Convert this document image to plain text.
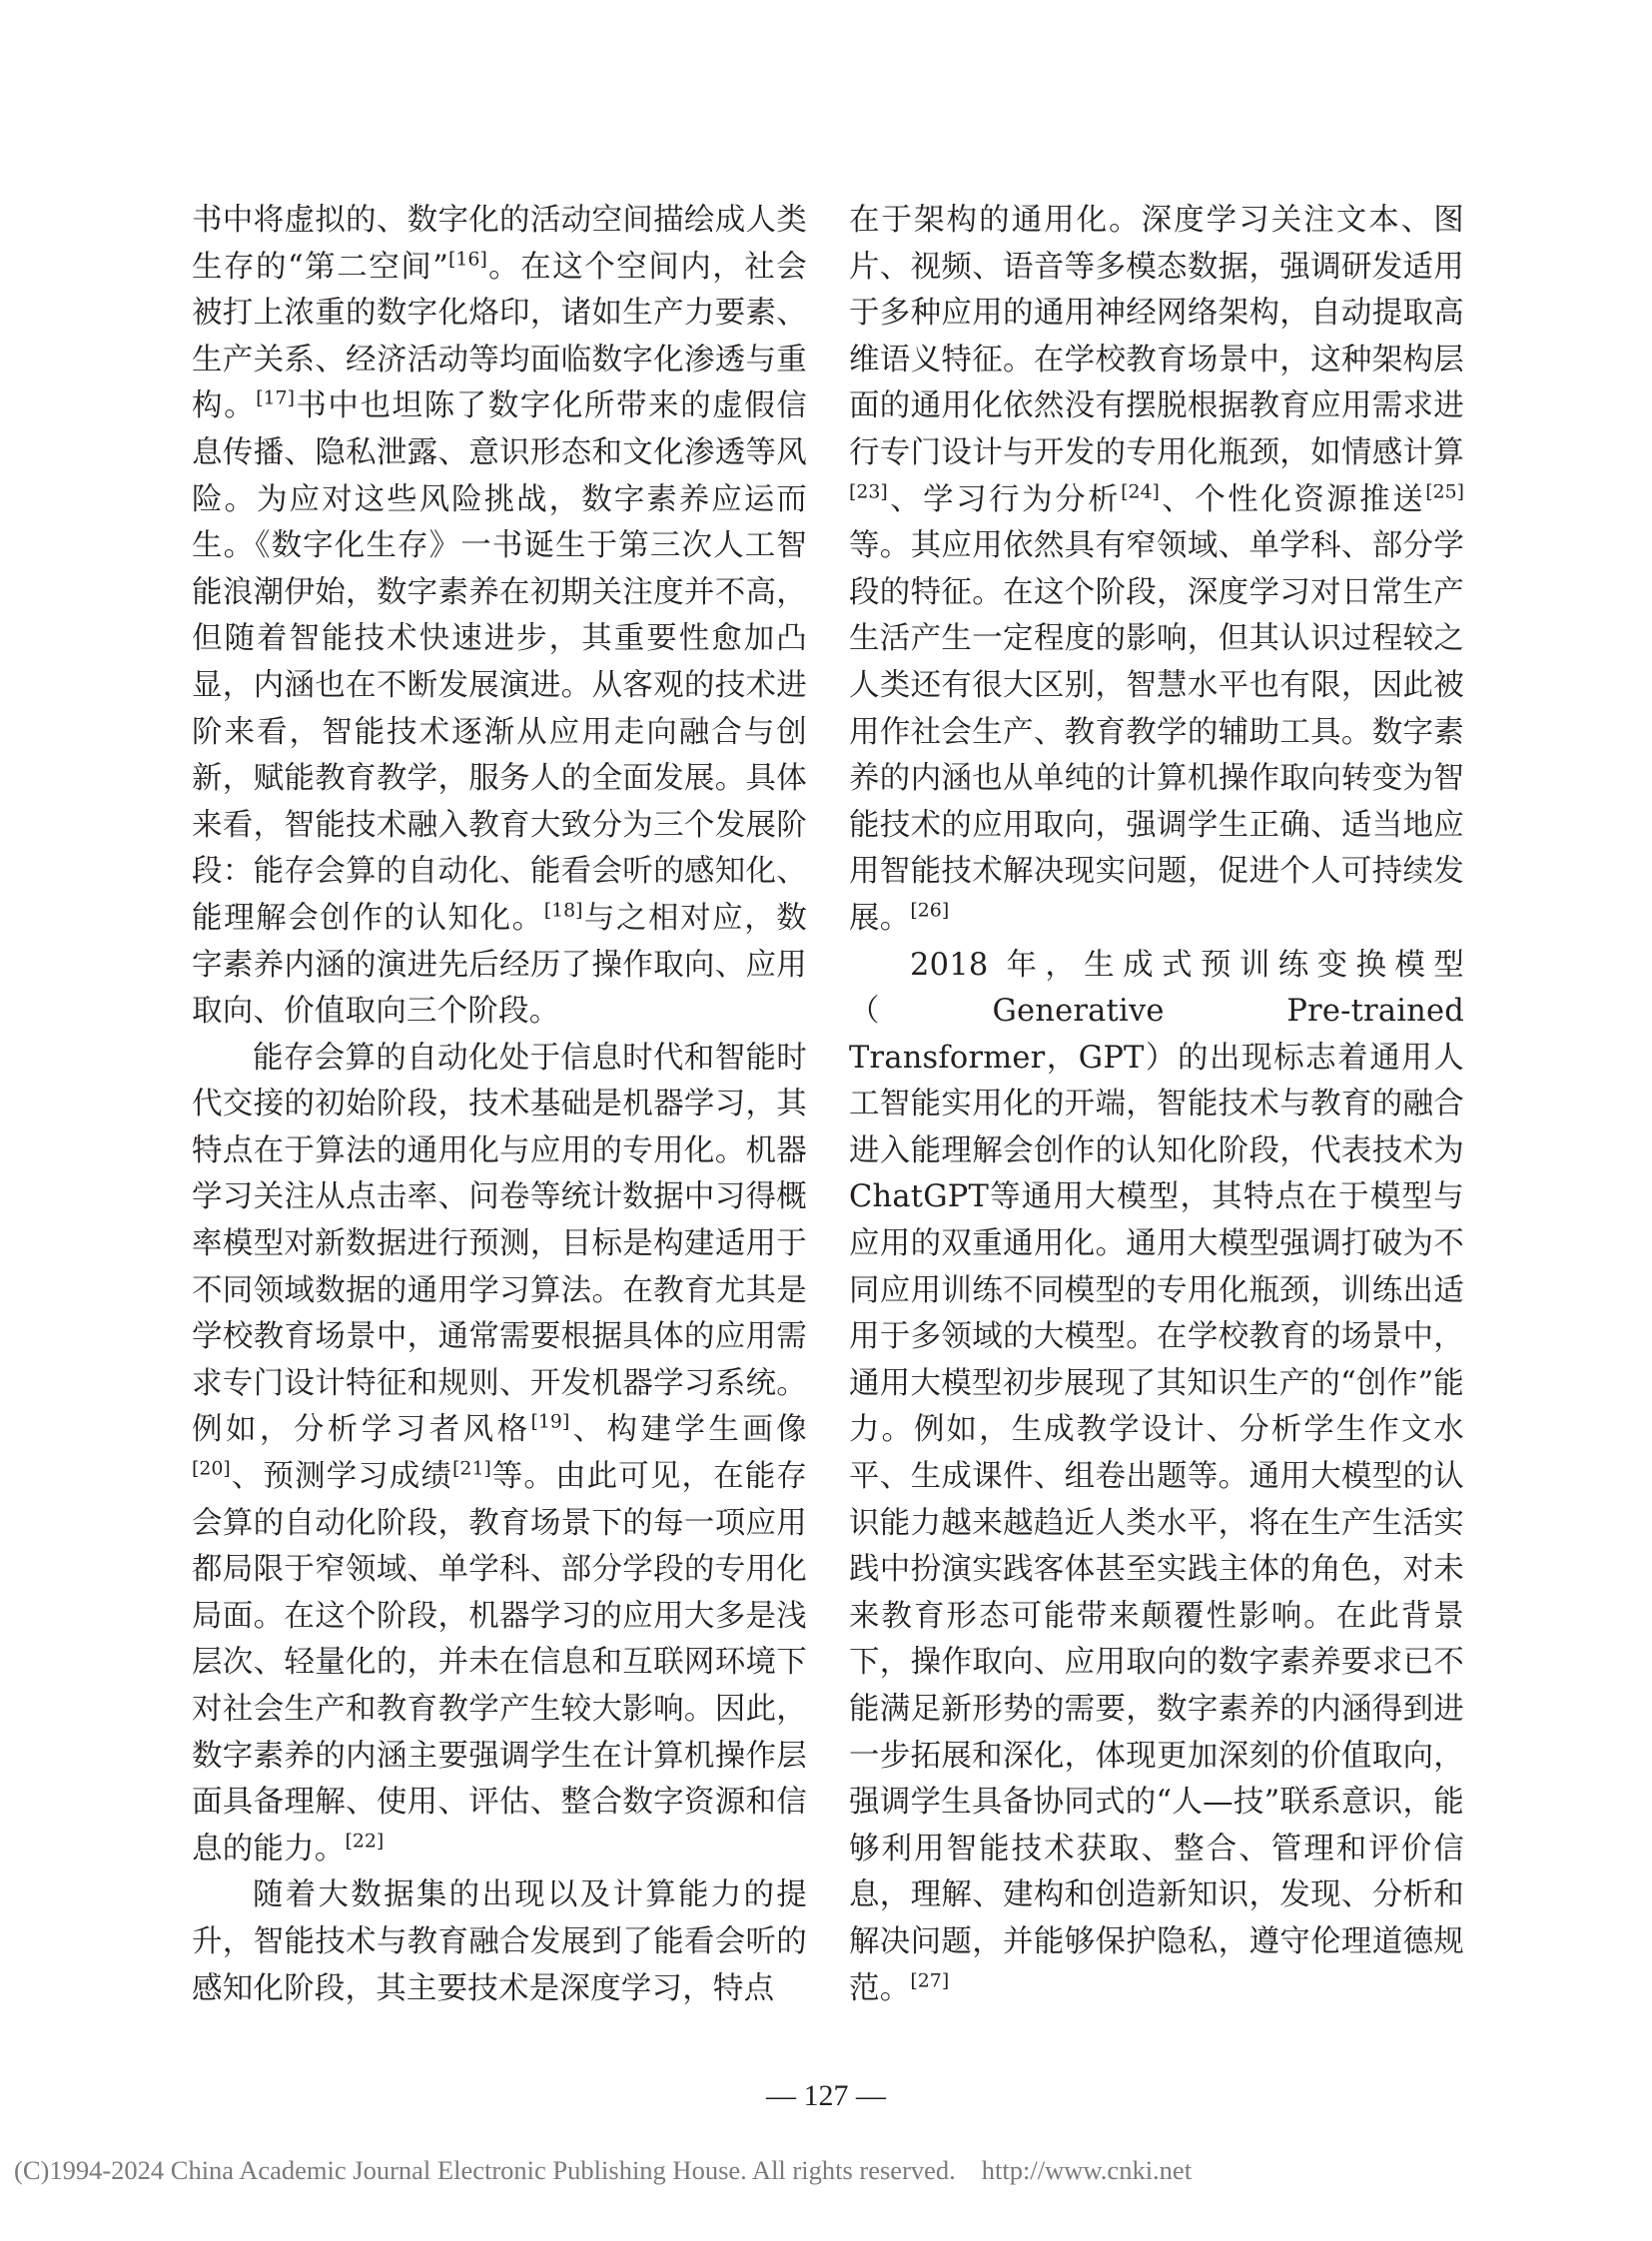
书中将虚拟的、数字化的活动空间描绘成人类生存的“第二空间”[16]。在这个空间内，社会被打上浓重的数字化烙印，诸如生产力要素、生产关系、经济活动等均面临数字化渗透与重构。[17]书中也坦陈了数字化所带来的虚假信息传播、隐私泄露、意识形态和文化渗透等风险。为应对这些风险挑战，数字素养应运而生。《数字化生存》一书诞生于第三次人工智能浪潮伊始，数字素养在初期关注度并不高，但随着智能技术快速进步，其重要性愈加凸显，内涵也在不断发展演进。从客观的技术进阶来看，智能技术逐渐从应用走向融合与创新，赋能教育教学，服务人的全面发展。具体来看，智能技术融入教育大致分为三个发展阶段：能存会算的自动化、能看会听的感知化、能理解会创作的认知化。[18]与之相对应，数字素养内涵的演进先后经历了操作取向、应用取向、价值取向三个阶段。

能存会算的自动化处于信息时代和智能时代交接的初始阶段，技术基础是机器学习，其特点在于算法的通用化与应用的专用化。机器学习关注从点击率、问卷等统计数据中习得概率模型对新数据进行预测，目标是构建适用于不同领域数据的通用学习算法。在教育尤其是学校教育场景中，通常需要根据具体的应用需求专门设计特征和规则、开发机器学习系统。例如，分析学习者风格[19]、构建学生画像[20]、预测学习成绩[21]等。由此可见，在能存会算的自动化阶段，教育场景下的每一项应用都局限于窄领域、单学科、部分学段的专用化局面。在这个阶段，机器学习的应用大多是浅层次、轻量化的，并未在信息和互联网环境下对社会生产和教育教学产生较大影响。因此，数字素养的内涵主要强调学生在计算机操作层面具备理解、使用、评估、整合数字资源和信息的能力。[22]

随着大数据集的出现以及计算能力的提升，智能技术与教育融合发展到了能看会听的感知化阶段，其主要技术是深度学习，特点

在于架构的通用化。深度学习关注文本、图片、视频、语音等多模态数据，强调研发适用于多种应用的通用神经网络架构，自动提取高维语义特征。在学校教育场景中，这种架构层面的通用化依然没有摆脱根据教育应用需求进行专门设计与开发的专用化瓶颈，如情感计算[23]、学习行为分析[24]、个性化资源推送[25]等。其应用依然具有窄领域、单学科、部分学段的特征。在这个阶段，深度学习对日常生产生活产生一定程度的影响，但其认识过程较之人类还有很大区别，智慧水平也有限，因此被用作社会生产、教育教学的辅助工具。数字素养的内涵也从单纯的计算机操作取向转变为智能技术的应用取向，强调学生正确、适当地应用智能技术解决现实问题，促进个人可持续发展。[26]

2018 年，生成式预训练变换模型（Generative Pre-trained Transformer，GPT）的出现标志着通用人工智能实用化的开端，智能技术与教育的融合进入能理解会创作的认知化阶段，代表技术为ChatGPT等通用大模型，其特点在于模型与应用的双重通用化。通用大模型强调打破为不同应用训练不同模型的专用化瓶颈，训练出适用于多领域的大模型。在学校教育的场景中，通用大模型初步展现了其知识生产的“创作”能力。例如，生成教学设计、分析学生作文水平、生成课件、组卷出题等。通用大模型的认识能力越来越趋近人类水平，将在生产生活实践中扮演实践客体甚至实践主体的角色，对未来教育形态可能带来颠覆性影响。在此背景下，操作取向、应用取向的数字素养要求已不能满足新形势的需要，数字素养的内涵得到进一步拓展和深化，体现更加深刻的价值取向，强调学生具备协同式的“人—技”联系意识，能够利用智能技术获取、整合、管理和评价信息，理解、建构和创造新知识，发现、分析和解决问题，并能够保护隐私，遵守伦理道德规范。[27]

— 127 —
(C)1994-2024 China Academic Journal Electronic Publishing House. All rights reserved. http://www.cnki.net
